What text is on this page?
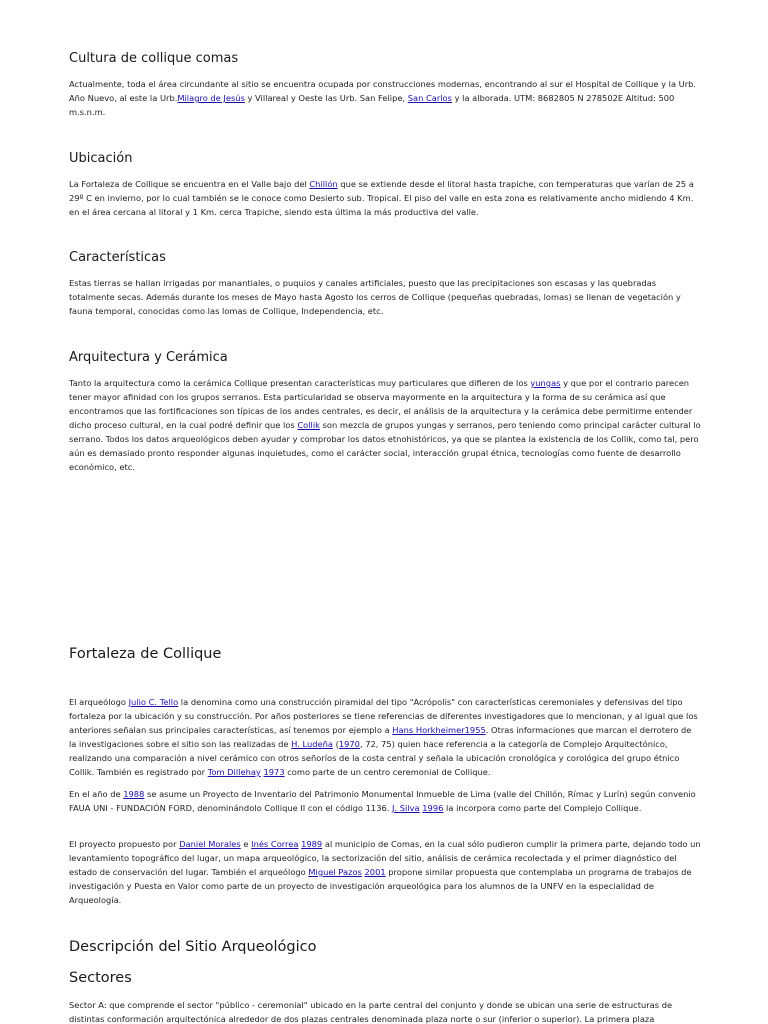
Cultura de collique comas

Actualmente, toda el área circundante al sitio se encuentra ocupada por construcciones modernas, encontrando al sur el Hospital de Collique y la Urb. Año Nuevo, al este la Urb.Milagro de Jesús y Villareal y Oeste las Urb. San Felipe, San Carlos y la alborada. UTM: 8682805 N 278502E Altitud: 500 m.s.n.m.

Ubicación

La Fortaleza de Collique se encuentra en el Valle bajo del Chillón que se extiende desde el litoral hasta trapiche, con temperaturas que varían de 25 a 29º C en invierno, por lo cual también se le conoce como Desierto sub. Tropical. El piso del valle en esta zona es relativamente ancho midiendo 4 Km. en el área cercana al litoral y 1 Km. cerca Trapiche, siendo esta última la más productiva del valle.

Características

Estas tierras se hallan irrigadas por manantiales, o puquios y canales artificiales, puesto que las precipitaciones son escasas y las quebradas totalmente secas. Además durante los meses de Mayo hasta Agosto los cerros de Collique (pequeñas quebradas, lomas) se llenan de vegetación y fauna temporal, conocidas como las lomas de Collique, Independencia, etc.

Arquitectura y Cerámica

Tanto la arquitectura como la cerámica Collique presentan características muy particulares que difieren de los yungas y que por el contrario parecen tener mayor afinidad con los grupos serranos. Esta particularidad se observa mayormente en la arquitectura y la forma de su cerámica así que encontramos que las fortificaciones son típicas de los andes centrales, es decir, el análisis de la arquitectura y la cerámica debe permitirme entender dicho proceso cultural, en la cual podré definir que los Collik son mezcla de grupos yungas y serranos, pero teniendo como principal carácter cultural lo serrano. Todos los datos arqueológicos deben ayudar y comprobar los datos etnohistóricos, ya que se plantea la existencia de los Collik, como tal, pero aún es demasiado pronto responder algunas inquietudes, como el carácter social, interacción grupal étnica, tecnologías como fuente de desarrollo económico, etc.

Fortaleza de Collique

El arqueólogo Julio C. Tello la denomina como una construcción piramidal del tipo "Acrópolis" con características ceremoniales y defensivas del tipo fortaleza por la ubicación y su construcción. Por años posteriores se tiene referencias de diferentes investigadores que lo mencionan, y al igual que los anteriores señalan sus principales características, así tenemos por ejemplo a Hans Horkheimer1955. Otras informaciones que marcan el derrotero de la investigaciones sobre el sitio son las realizadas de H. Ludeña (1970, 72, 75) quien hace referencia a la categoría de Complejo Arquitectónico, realizando una comparación a nivel cerámico con otros señoríos de la costa central y señala la ubicación cronológica y corológica del grupo étnico Collik. También es registrado por Tom Dillehay 1973 como parte de un centro ceremonial de Collique.

En el año de 1988 se asume un Proyecto de Inventario del Patrimonio Monumental Inmueble de Lima (valle del Chillón, Rímac y Lurín) según convenio FAUA UNI - FUNDACIÓN FORD, denominándolo Collique II con el código 1136. J. Silva 1996 la incorpora como parte del Complejo Collique.

El proyecto propuesto por Daniel Morales e Inés Correa 1989 al municipio de Comas, en la cual sólo pudieron cumplir la primera parte, dejando todo un levantamiento topográfico del lugar, un mapa arqueológico, la sectorización del sitio, análisis de cerámica recolectada y el primer diagnóstico del estado de conservación del lugar. También el arqueólogo Miguel Pazos 2001 propone similar propuesta que contemplaba un programa de trabajos de investigación y Puesta en Valor como parte de un proyecto de investigación arqueológica para los alumnos de la UNFV en la especialidad de Arqueología.

Descripción del Sitio Arqueológico
Sectores

Sector A: que comprende el sector "público - ceremonial" ubicado en la parte central del conjunto y donde se ubican una serie de estructuras de distintas conformación arquitectónica alrededor de dos plazas centrales denominada plaza norte o sur (inferior o superior). La primera plaza
